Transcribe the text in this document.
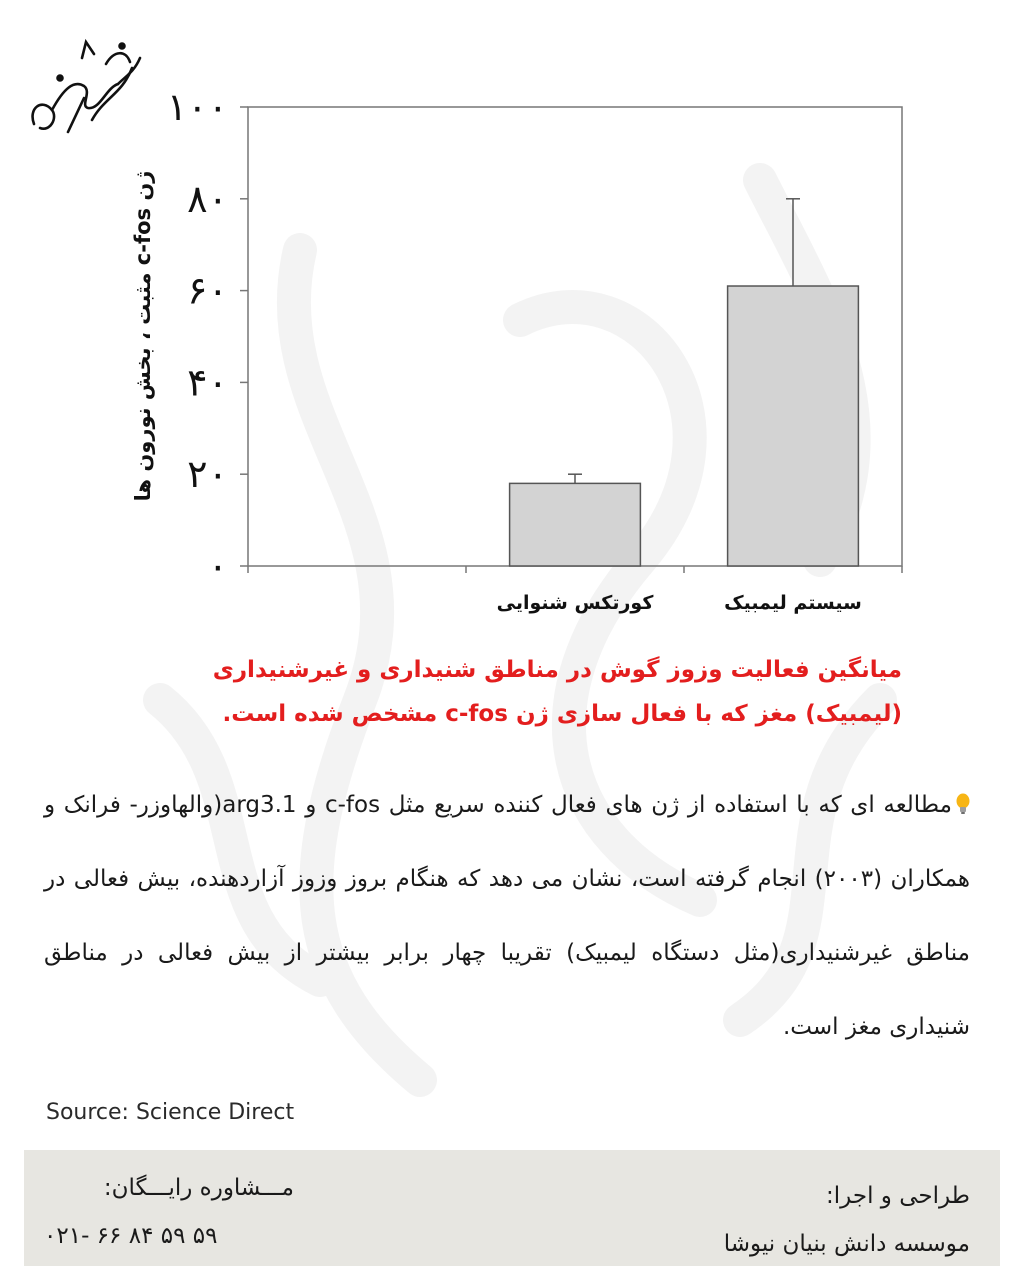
٠
٢٠
۴٠
۶٠
٨٠
١٠٠
کورتکس شنوایی	سیستم لیمبیک
ژن c-fos مثبت ، بخش نورون ها

میانگین فعالیت وزوز گوش در مناطق شنیداری و غیرشنیداری

(لیمبیک) مغز که با فعال سازی ژن c-fos مشخص شده است.

مطالعه ای که با استفاده از ژن های فعال کننده سریع مثل c-fos و arg3.1(والهاوزر- فرانک و همکاران (٢٠٠٣) انجام گرفته است، نشان می دهد که هنگام بروز وزوز آزاردهنده، بیش فعالی در مناطق غیرشنیداری(مثل دستگاه لیمبیک) تقریبا چهار برابر بیشتر از بیش فعالی در مناطق شنیداری مغز است.
Source: Science Direct
طراحی و اجرا:
موسسه دانش بنیان نیوشا
مـــشاوره رایـــگان:
٠٢١- ۶۶ ٨۴ ۵٩ ۵٩
